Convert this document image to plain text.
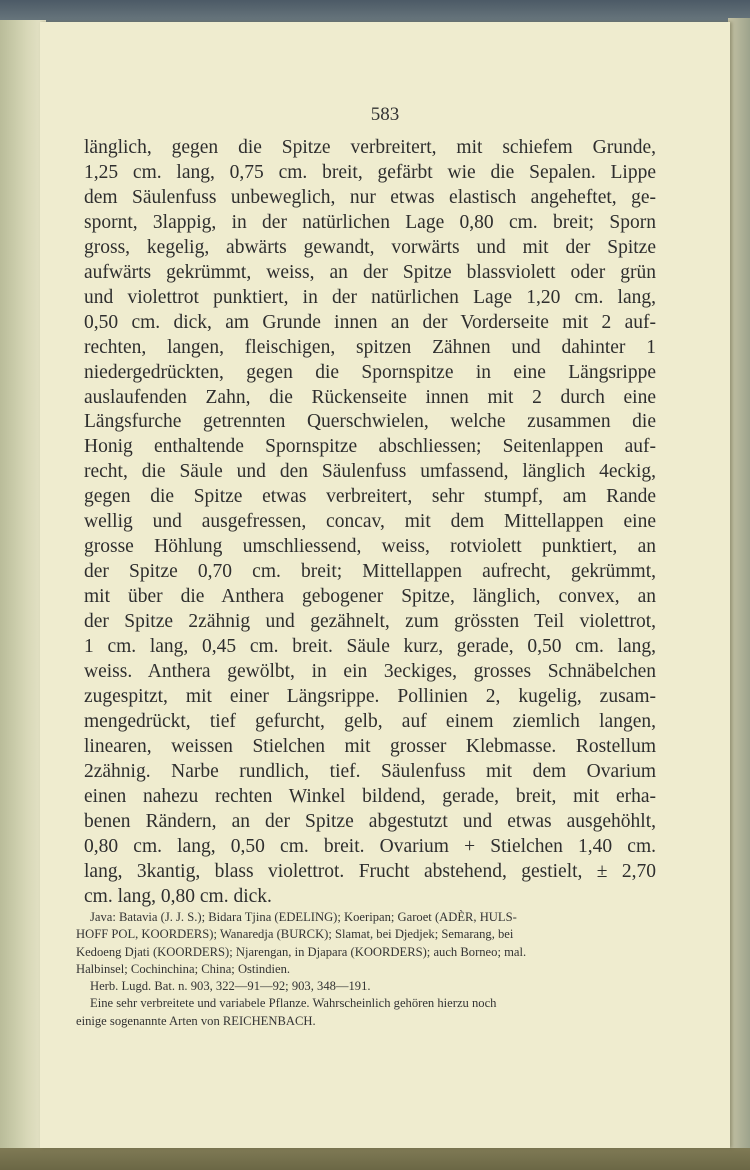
583
länglich, gegen die Spitze verbreitert, mit schiefem Grunde,
1,25 cm. lang, 0,75 cm. breit, gefärbt wie die Sepalen. Lippe
dem Säulenfuss unbeweglich, nur etwas elastisch angeheftet, ge-
spornt, 3lappig, in der natürlichen Lage 0,80 cm. breit; Sporn
gross, kegelig, abwärts gewandt, vorwärts und mit der Spitze
aufwärts gekrümmt, weiss, an der Spitze blassviolett oder grün
und violettrot punktiert, in der natürlichen Lage 1,20 cm. lang,
0,50 cm. dick, am Grunde innen an der Vorderseite mit 2 auf-
rechten, langen, fleischigen, spitzen Zähnen und dahinter 1
niedergedrückten, gegen die Spornspitze in eine Längsrippe
auslaufenden Zahn, die Rückenseite innen mit 2 durch eine
Längsfurche getrennten Querschwielen, welche zusammen die
Honig enthaltende Spornspitze abschliessen; Seitenlappen auf-
recht, die Säule und den Säulenfuss umfassend, länglich 4eckig,
gegen die Spitze etwas verbreitert, sehr stumpf, am Rande
wellig und ausgefressen, concav, mit dem Mittellappen eine
grosse Höhlung umschliessend, weiss, rotviolett punktiert, an
der Spitze 0,70 cm. breit; Mittellappen aufrecht, gekrümmt,
mit über die Anthera gebogener Spitze, länglich, convex, an
der Spitze 2zähnig und gezähnelt, zum grössten Teil violettrot,
1 cm. lang, 0,45 cm. breit. Säule kurz, gerade, 0,50 cm. lang,
weiss. Anthera gewölbt, in ein 3eckiges, grosses Schnäbelchen
zugespitzt, mit einer Längsrippe. Pollinien 2, kugelig, zusam-
mengedrückt, tief gefurcht, gelb, auf einem ziemlich langen,
linearen, weissen Stielchen mit grosser Klebmasse. Rostellum
2zähnig. Narbe rundlich, tief. Säulenfuss mit dem Ovarium
einen nahezu rechten Winkel bildend, gerade, breit, mit erha-
benen Rändern, an der Spitze abgestutzt und etwas ausgehöhlt,
0,80 cm. lang, 0,50 cm. breit. Ovarium + Stielchen 1,40 cm.
lang, 3kantig, blass violettrot. Frucht abstehend, gestielt, ± 2,70
cm. lang, 0,80 cm. dick.

Java: Batavia (J. J. S.); Bidara Tjina (EDELING); Koeripan; Garoet (ADÈR, HULS-
HOFF POL, KOORDERS); Wanaredja (BURCK); Slamat, bei Djedjek; Semarang, bei
Kedoeng Djati (KOORDERS); Njarengan, in Djapara (KOORDERS); auch Borneo; mal.
Halbinsel; Cochinchina; China; Ostindien.

Herb. Lugd. Bat. n. 903, 322—91—92; 903, 348—191.

Eine sehr verbreitete und variabele Pflanze. Wahrscheinlich gehören hierzu noch
einige sogenannte Arten von REICHENBACH.
